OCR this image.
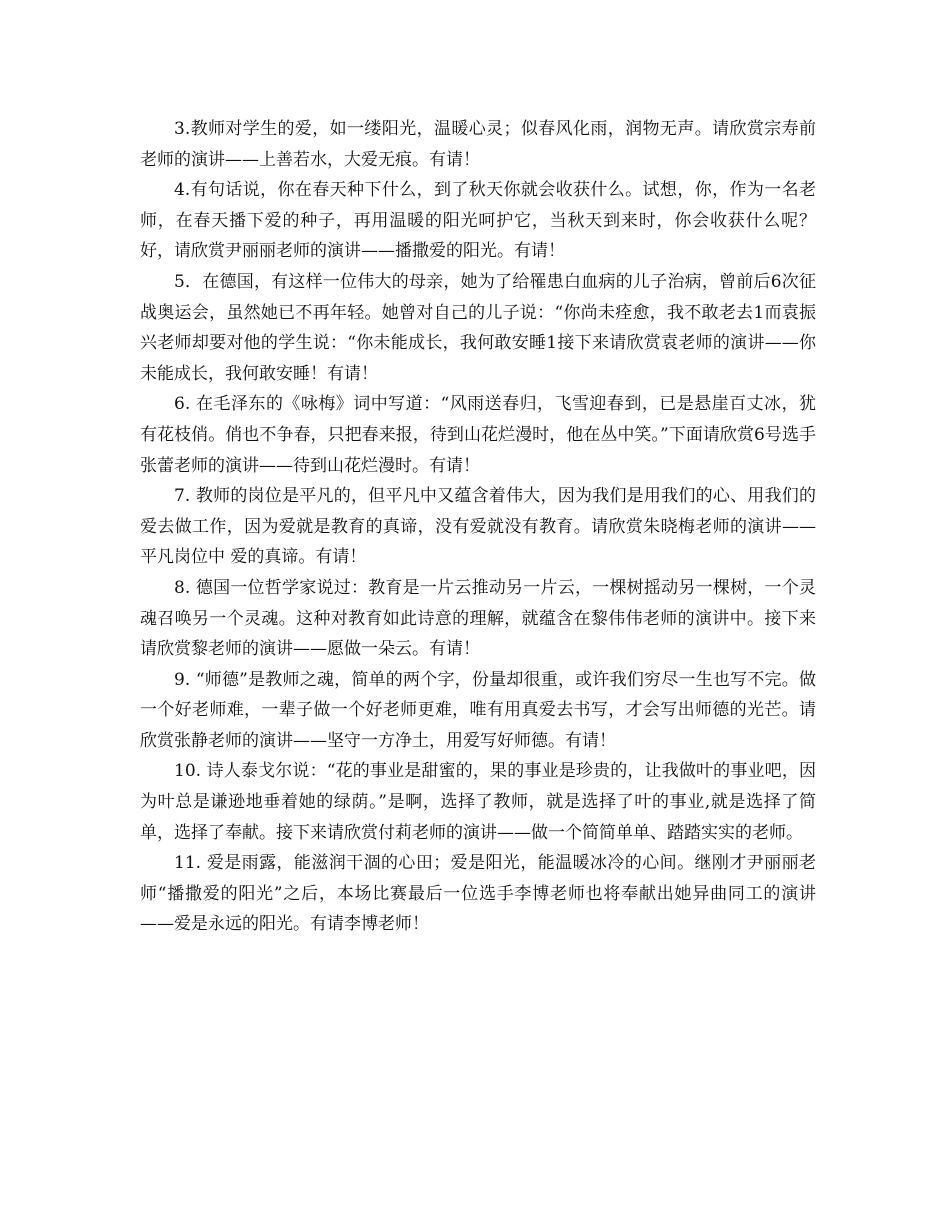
3.教师对学生的爱，如一缕阳光，温暖心灵；似春风化雨，润物无声。请欣赏宗寿前老师的演讲——上善若水，大爱无痕。有请！

4.有句话说，你在春天种下什么，到了秋天你就会收获什么。试想，你，作为一名老师，在春天播下爱的种子，再用温暖的阳光呵护它，当秋天到来时，你会收获什么呢？好，请欣赏尹丽丽老师的演讲——播撒爱的阳光。有请！

5．在德国，有这样一位伟大的母亲，她为了给罹患白血病的儿子治病，曾前后6次征战奥运会，虽然她已不再年轻。她曾对自己的儿子说：“你尚未痊愈，我不敢老去1而袁振兴老师却要对他的学生说：“你未能成长，我何敢安睡1接下来请欣赏袁老师的演讲——你未能成长，我何敢安睡！有请！

6. 在毛泽东的《咏梅》词中写道：“风雨送春归，飞雪迎春到，已是悬崖百丈冰，犹有花枝俏。俏也不争春，只把春来报，待到山花烂漫时，他在丛中笑。”下面请欣赏6号选手张蕾老师的演讲——待到山花烂漫时。有请！

7. 教师的岗位是平凡的，但平凡中又蕴含着伟大，因为我们是用我们的心、用我们的爱去做工作，因为爱就是教育的真谛，没有爱就没有教育。请欣赏朱晓梅老师的演讲——平凡岗位中 爱的真谛。有请！

8. 德国一位哲学家说过：教育是一片云推动另一片云，一棵树摇动另一棵树，一个灵魂召唤另一个灵魂。这种对教育如此诗意的理解，就蕴含在黎伟伟老师的演讲中。接下来请欣赏黎老师的演讲——愿做一朵云。有请！

9. “师德”是教师之魂，简单的两个字，份量却很重，或许我们穷尽一生也写不完。做一个好老师难，一辈子做一个好老师更难，唯有用真爱去书写，才会写出师德的光芒。请欣赏张静老师的演讲——坚守一方净土，用爱写好师德。有请！

10. 诗人泰戈尔说：“花的事业是甜蜜的，果的事业是珍贵的，让我做叶的事业吧，因为叶总是谦逊地垂着她的绿荫。”是啊，选择了教师，就是选择了叶的事业,就是选择了简单，选择了奉献。接下来请欣赏付莉老师的演讲——做一个简简单单、踏踏实实的老师。

11. 爱是雨露，能滋润干涸的心田；爱是阳光，能温暖冰冷的心间。继刚才尹丽丽老师“播撒爱的阳光”之后，本场比赛最后一位选手李博老师也将奉献出她异曲同工的演讲——爱是永远的阳光。有请李博老师！
